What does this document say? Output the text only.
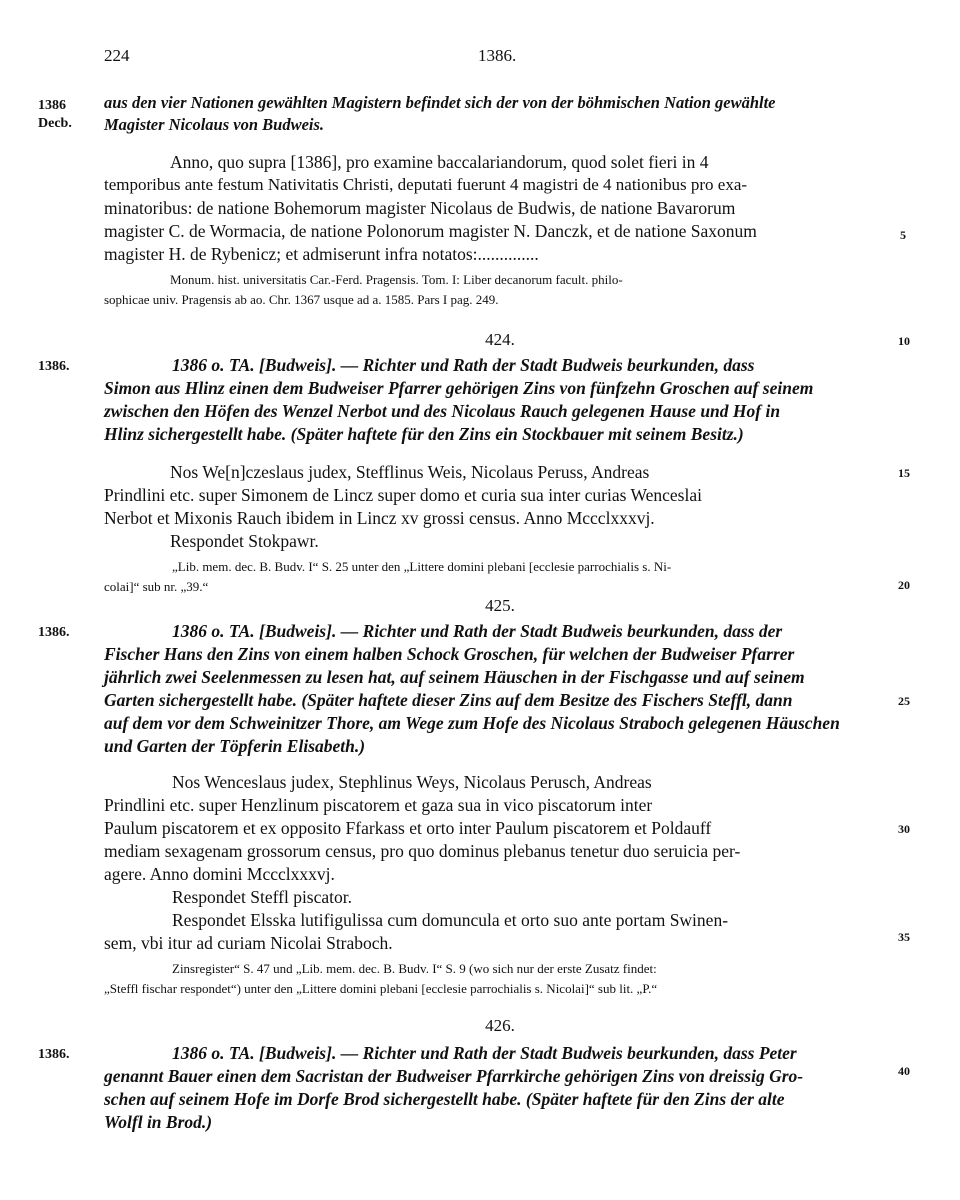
224	1386.
1386
Decb.
aus den vier Nationen gewählten Magistern befindet sich der von der böhmischen Nation gewählte
Magister Nicolaus von Budweis.
Anno, quo supra [1386], pro examine baccalariandorum, quod solet fieri in 4
temporibus ante festum Nativitatis Christi, deputati fuerunt 4 magistri de 4 nationibus pro exa-
minatoribus: de natione Bohemorum magister Nicolaus de Budwis, de natione Bavarorum
magister C. de Wormacia, de natione Polonorum magister N. Danczk, et de natione Saxonum
magister H. de Rybenicz; et admiserunt infra notatos:..............
Monum. hist. universitatis Car.-Ferd. Pragensis. Tom. I: Liber decanorum facult. philo-
sophicae univ. Pragensis ab ao. Chr. 1367 usque ad a. 1585. Pars I pag. 249.
424.
1386.	1386 o. TA. [Budweis]. — Richter und Rath der Stadt Budweis beurkunden, dass
Simon aus Hlinz einen dem Budweiser Pfarrer gehörigen Zins von fünfzehn Groschen auf seinem
zwischen den Höfen des Wenzel Nerbot und des Nicolaus Rauch gelegenen Hause und Hof in
Hlinz sichergestellt habe. (Später haftete für den Zins ein Stockbauer mit seinem Besitz.)
Nos We[n]czeslaus judex, Stefflinus Weis, Nicolaus Peruss, Andreas
Prindlini etc. super Simonem de Lincz super domo et curia sua inter curias Wenceslai
Nerbot et Mixonis Rauch ibidem in Lincz xv grossi census. Anno Mccclxxxvj.
Respondet Stokpawr.
„Lib. mem. dec. B. Budv. I“ S. 25 unter den „Littere domini plebani [ecclesie parrochialis s. Ni-
colai]“ sub nr. „39.“
425.
1386.	1386 o. TA. [Budweis]. — Richter und Rath der Stadt Budweis beurkunden, dass der
Fischer Hans den Zins von einem halben Schock Groschen, für welchen der Budweiser Pfarrer
jährlich zwei Seelenmessen zu lesen hat, auf seinem Häuschen in der Fischgasse und auf seinem
Garten sichergestellt habe. (Später haftete dieser Zins auf dem Besitze des Fischers Steffl, dann
auf dem vor dem Schweinitzer Thore, am Wege zum Hofe des Nicolaus Straboch gelegenen Häuschen
und Garten der Töpferin Elisabeth.)
Nos Wenceslaus judex, Stephlinus Weys, Nicolaus Perusch, Andreas
Prindlini etc. super Henzlinum piscatorem et gaza sua in vico piscatorum inter
Paulum piscatorem et ex opposito Ffarkass et orto inter Paulum piscatorem et Poldauff
mediam sexagenam grossorum census, pro quo dominus plebanus tenetur duo seruicia per-
agere. Anno domini Mccclxxxvj.
Respondet Steffl piscator.
Respondet Elsska lutifigulissa cum domuncula et orto suo ante portam Swinen-
sem, vbi itur ad curiam Nicolai Straboch.
Zinsregister“ S. 47 und „Lib. mem. dec. B. Budv. I“ S. 9 (wo sich nur der erste Zusatz findet:
„Steffl fischar respondet“) unter den „Littere domini plebani [ecclesie parrochialis s. Nicolai]“ sub lit. „P.“
426.
1386.	1386 o. TA. [Budweis]. — Richter und Rath der Stadt Budweis beurkunden, dass Peter
genannt Bauer einen dem Sacristan der Budweiser Pfarrkirche gehörigen Zins von dreissig Gro-
schen auf seinem Hofe im Dorfe Brod sichergestellt habe. (Später haftete für den Zins der alte
Wolfl in Brod.)
5
10
15
20
25
30
35
40
